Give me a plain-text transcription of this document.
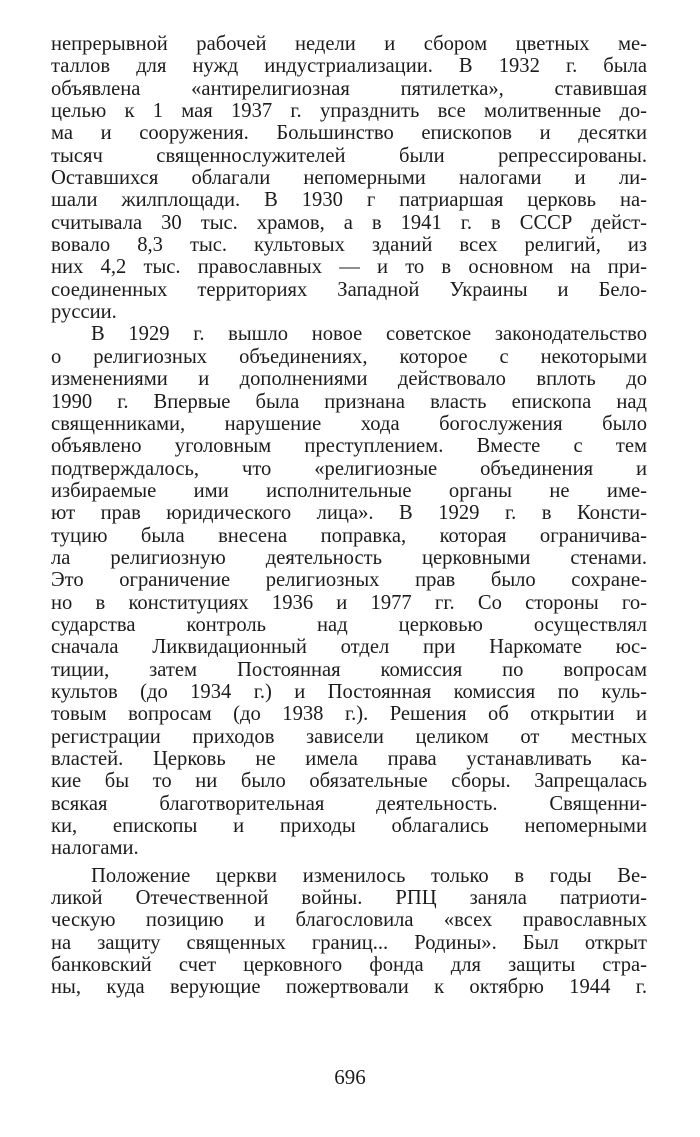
непрерывной рабочей недели и сбором цветных ме-
таллов для нужд индустриализации. В 1932 г. была
объявлена «антирелигиозная пятилетка», ставившая
целью к 1 мая 1937 г. упразднить все молитвенные до-
ма и сооружения. Большинство епископов и десятки
тысяч священнослужителей были репрессированы.
Оставшихся облагали непомерными налогами и ли-
шали жилплощади. В 1930 г патриаршая церковь на-
считывала 30 тыс. храмов, а в 1941 г. в СССР дейст-
вовало 8,3 тыс. культовых зданий всех религий, из
них 4,2 тыс. православных — и то в основном на при-
соединенных территориях Западной Украины и Бело-
руссии.
В 1929 г. вышло новое советское законодательство
о религиозных объединениях, которое с некоторыми
изменениями и дополнениями действовало вплоть до
1990 г. Впервые была признана власть епископа над
священниками, нарушение хода богослужения было
объявлено уголовным преступлением. Вместе с тем
подтверждалось, что «религиозные объединения и
избираемые ими исполнительные органы не име-
ют прав юридического лица». В 1929 г. в Консти-
туцию была внесена поправка, которая ограничива-
ла религиозную деятельность церковными стенами.
Это ограничение религиозных прав было сохране-
но в конституциях 1936 и 1977 гг. Со стороны го-
сударства контроль над церковью осуществлял
сначала Ликвидационный отдел при Наркомате юс-
тиции, затем Постоянная комиссия по вопросам
культов (до 1934 г.) и Постоянная комиссия по куль-
товым вопросам (до 1938 г.). Решения об открытии и
регистрации приходов зависели целиком от местных
властей. Церковь не имела права устанавливать ка-
кие бы то ни было обязательные сборы. Запрещалась
всякая благотворительная деятельность. Священни-
ки, епископы и приходы облагались непомерными
налогами.
Положение церкви изменилось только в годы Ве-
ликой Отечественной войны. РПЦ заняла патриоти-
ческую позицию и благословила «всех православных
на защиту священных границ... Родины». Был открыт
банковский счет церковного фонда для защиты стра-
ны, куда верующие пожертвовали к октябрю 1944 г.
696
